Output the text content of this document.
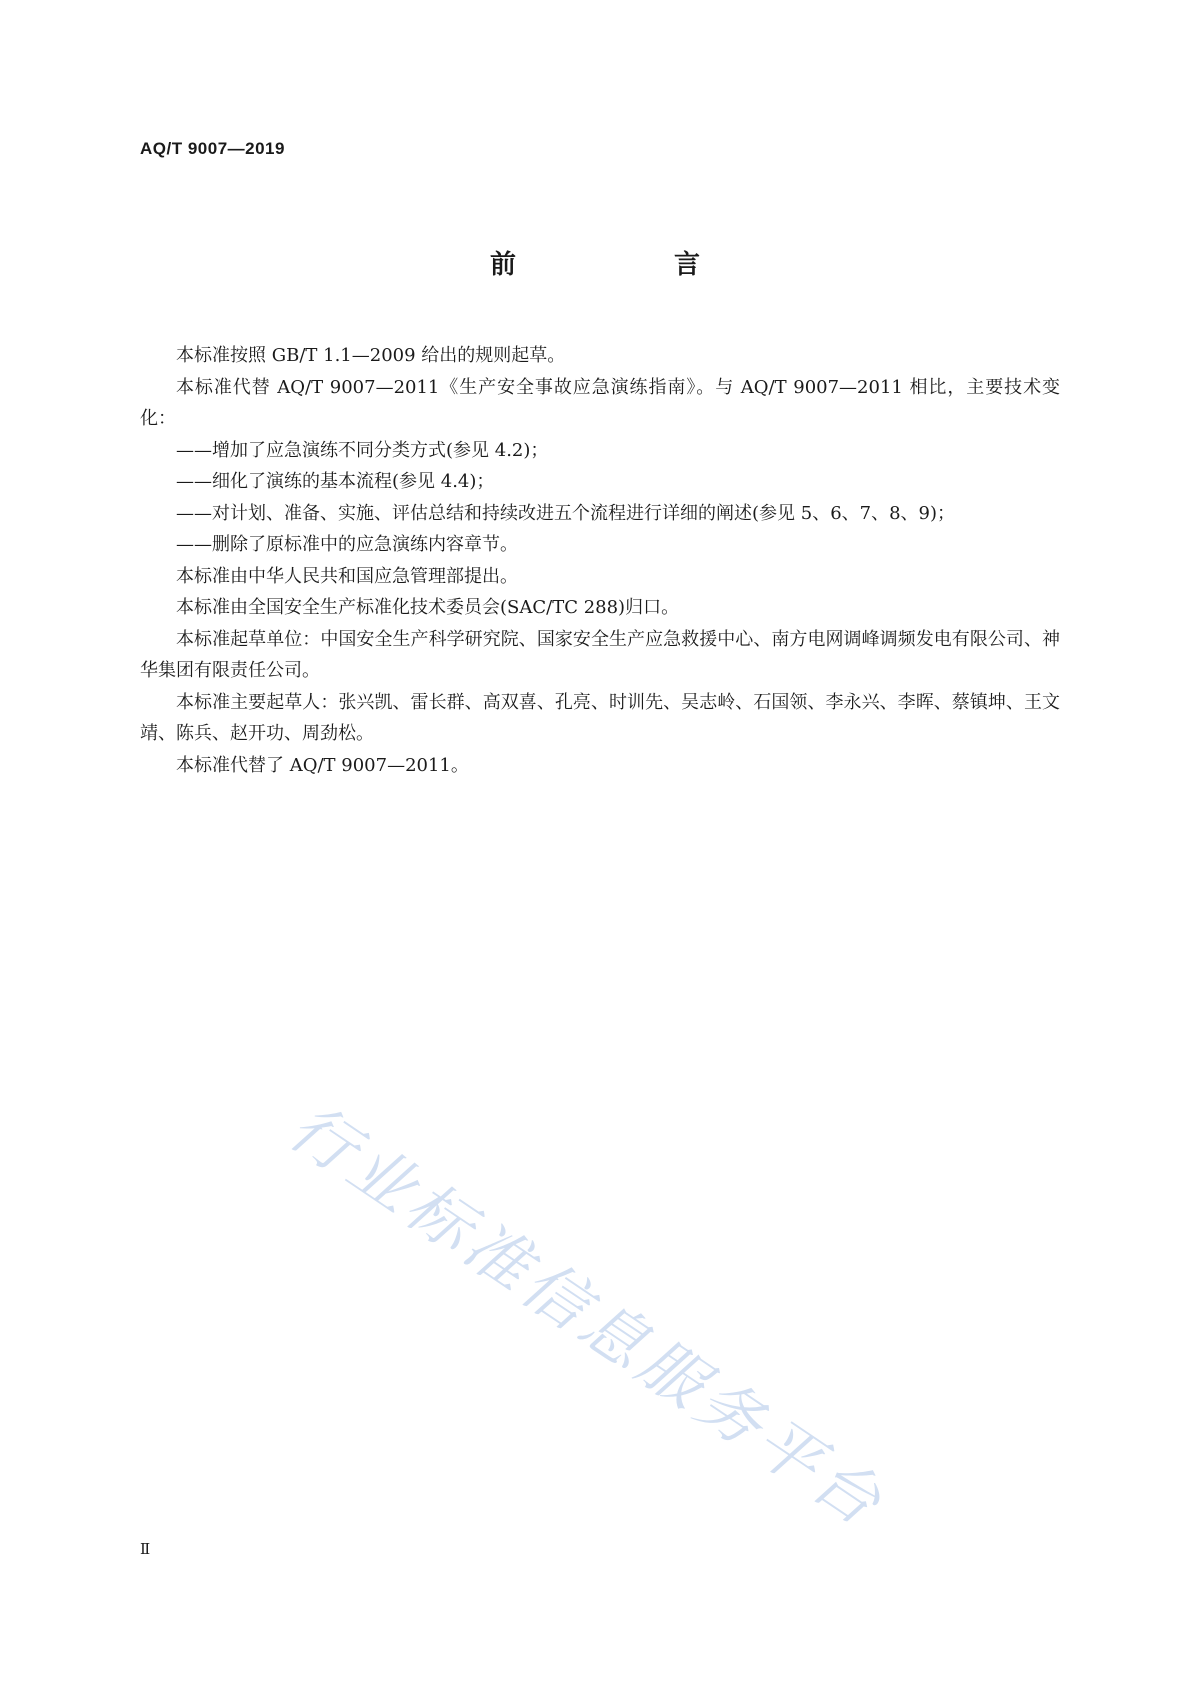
AQ/T 9007—2019
前　言

本标准按照 GB/T 1.1—2009 给出的规则起草。

本标准代替 AQ/T 9007—2011《生产安全事故应急演练指南》。与 AQ/T 9007—2011 相比，主要技术变化：

——增加了应急演练不同分类方式(参见 4.2)；

——细化了演练的基本流程(参见 4.4)；

——对计划、准备、实施、评估总结和持续改进五个流程进行详细的阐述(参见 5、6、7、8、9)；

——删除了原标准中的应急演练内容章节。

本标准由中华人民共和国应急管理部提出。

本标准由全国安全生产标准化技术委员会(SAC/TC 288)归口。

本标准起草单位：中国安全生产科学研究院、国家安全生产应急救援中心、南方电网调峰调频发电有限公司、神华集团有限责任公司。

本标准主要起草人：张兴凯、雷长群、高双喜、孔亮、时训先、吴志岭、石国领、李永兴、李晖、蔡镇坤、王文靖、陈兵、赵开功、周劲松。

本标准代替了 AQ/T 9007—2011。

行业标准信息服务平台
Ⅱ
